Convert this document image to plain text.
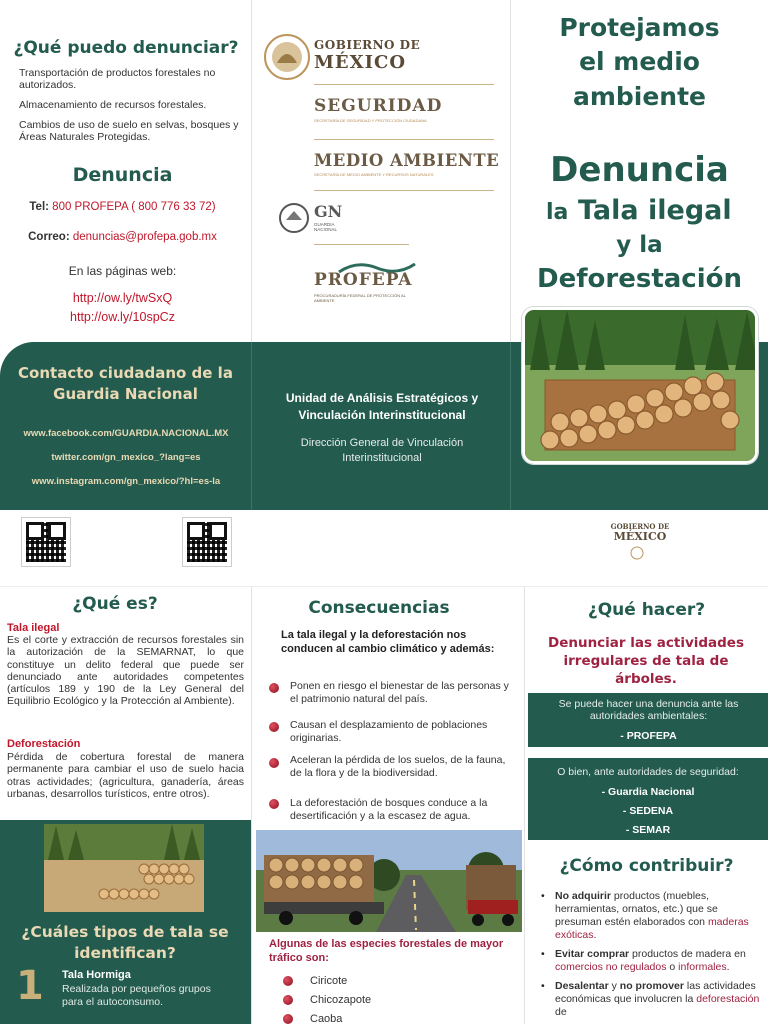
¿Qué puedo denunciar?
Transportación de productos forestales no autorizados.
Almacenamiento de recursos forestales.
Cambios de uso de suelo en selvas, bosques y Áreas Naturales Protegidas.
Denuncia
Tel: 800 PROFEPA ( 800 776 33 72)
Correo: denuncias@profepa.gob.mx
En las páginas web:
http://ow.ly/twSxQ
http://ow.ly/10spCz
Contacto ciudadano de la Guardia Nacional
www.facebook.com/GUARDIA.NACIONAL.MX
twitter.com/gn_mexico_?lang=es
www.instagram.com/gn_mexico/?hl=es-la
Unidad de Análisis Estratégicos y Vinculación Interinstitucional
Dirección General de Vinculación Interinstitucional
GOBIERNO DE
MÉXICO
SEGURIDAD
SECRETARÍA DE SEGURIDAD Y PROTECCIÓN CIUDADANA
MEDIO AMBIENTE
SECRETARÍA DE MEDIO AMBIENTE Y RECURSOS NATURALES
GN
GUARDIA NACIONAL
PROFEPA
PROCURADURÍA FEDERAL DE PROTECCIÓN AL AMBIENTE
Protejamos
el medio
ambiente
Denuncia
la Tala ilegal
y la
Deforestación
GOBIERNO DE
MÉXICO
¿Qué es?
Tala ilegal
Es el corte y extracción de recursos forestales sin la autorización de la SEMARNAT, lo que constituye un delito federal que puede ser denunciado ante autoridades competentes (artículos 189 y 190 de la Ley General del Equilibrio Ecológico y la Protección al Ambiente).
Deforestación
Pérdida de cobertura forestal de manera permanente para cambiar el uso de suelo hacia otras actividades; (agricultura, ganadería, áreas urbanas, desarrollos turísticos, entre otros).
¿Cuáles tipos de tala se identifican?
1 Tala Hormiga
Realizada por pequeños grupos para el autoconsumo.
Consecuencias
La tala ilegal y la deforestación nos conducen al cambio climático y además:
Ponen en riesgo el bienestar de las personas y el patrimonio natural del país.
Causan el desplazamiento de poblaciones originarias.
Aceleran la pérdida de los suelos, de la fauna, de la flora y de la biodiversidad.
La deforestación de bosques conduce a la desertificación y a la escasez de agua.
Algunas de las especies forestales de mayor tráfico son:
Ciricote
Chicozapote
Caoba
¿Qué hacer?
Denunciar las actividades irregulares de tala de árboles.
Se puede hacer una denuncia ante las autoridades ambientales:
- PROFEPA
O bien, ante autoridades de seguridad:
- Guardia Nacional
- SEDENA
- SEMAR
¿Cómo contribuir?
• No adquirir productos (muebles, herramientas, ornatos, etc.) que se presuman estén elaborados con maderas exóticas.
• Evitar comprar productos de madera en comercios no regulados o informales.
• Desalentar y no promover las actividades económicas que involucren la deforestación de
